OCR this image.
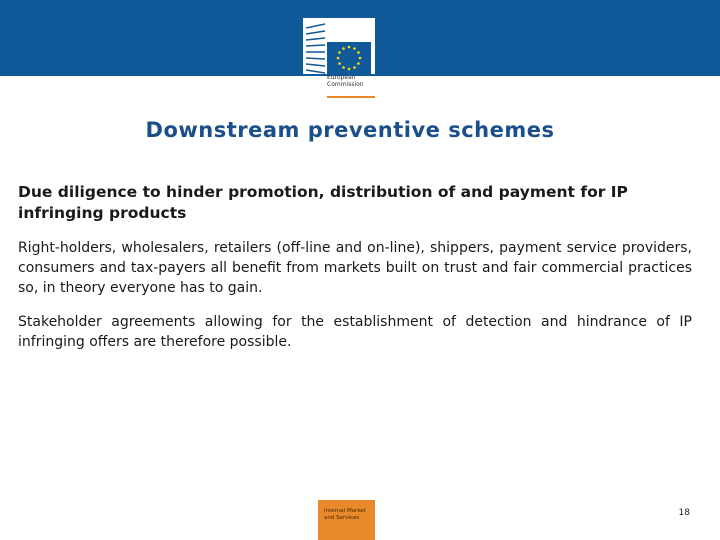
European
Commission
Downstream preventive schemes

Due diligence to hinder promotion, distribution of and payment for IP infringing products

Right-holders, wholesalers, retailers (off-line and on-line), shippers, payment service providers, consumers and tax-payers all benefit from markets built on trust and fair commercial practices so, in theory everyone has to gain.

Stakeholder agreements allowing for the establishment of detection and hindrance of IP infringing offers are therefore possible.

Internal Market
and Services	18
